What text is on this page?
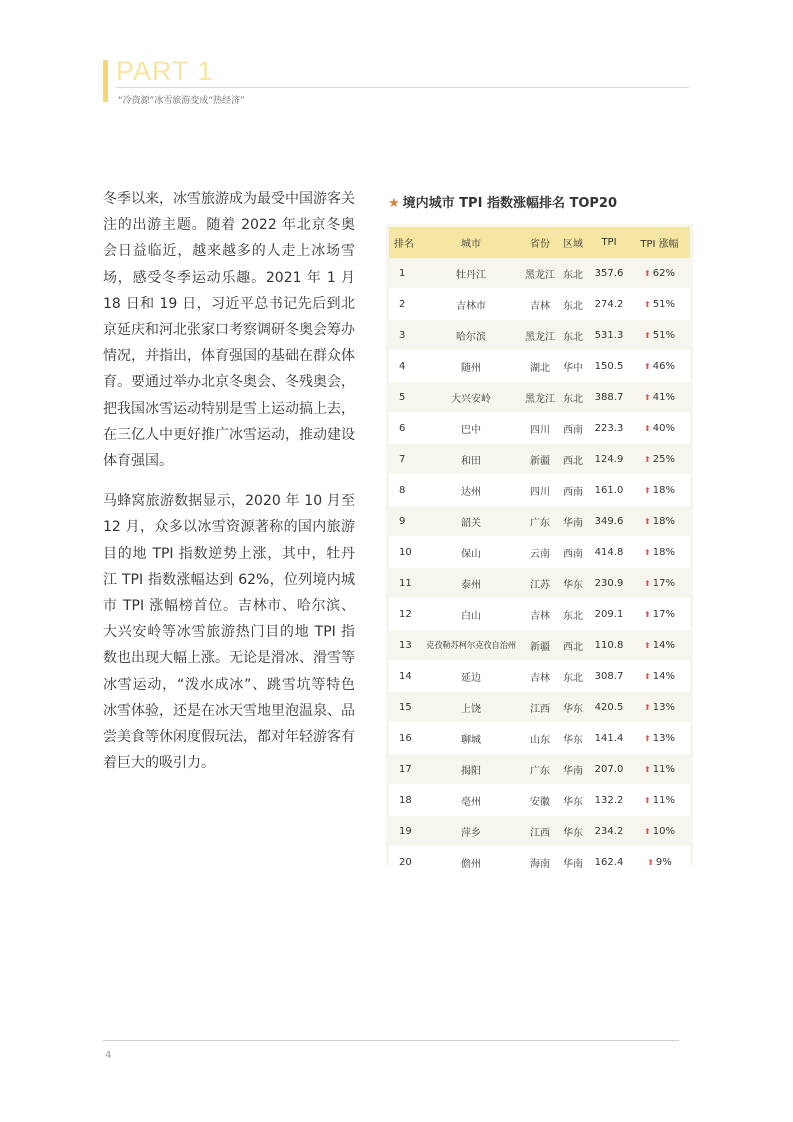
PART 1
“冷资源”冰雪旅游变成“热经济”

冬季以来，冰雪旅游成为最受中国游客关注的出游主题。随着 2022 年北京冬奥会日益临近，越来越多的人走上冰场雪场，感受冬季运动乐趣。2021 年 1 月 18 日和 19 日，习近平总书记先后到北京延庆和河北张家口考察调研冬奥会筹办情况，并指出，体育强国的基础在群众体育。要通过举办北京冬奥会、冬残奥会，把我国冰雪运动特别是雪上运动搞上去，在三亿人中更好推广冰雪运动，推动建设体育强国。

马蜂窝旅游数据显示，2020 年 10 月至 12 月，众多以冰雪资源著称的国内旅游目的地 TPI 指数逆势上涨，其中，牡丹江 TPI 指数涨幅达到 62%，位列境内城市 TPI 涨幅榜首位。吉林市、哈尔滨、大兴安岭等冰雪旅游热门目的地 TPI 指数也出现大幅上涨。无论是滑冰、滑雪等冰雪运动，“泼水成冰”、跳雪坑等特色冰雪体验，还是在冰天雪地里泡温泉、品尝美食等休闲度假玩法，都对年轻游客有着巨大的吸引力。

★ 境内城市 TPI 指数涨幅排名 TOP20
排名	城市	省份	区域	TPI	TPI 涨幅
1	牡丹江	黑龙江	东北	357.6	⬆ 62%
2	吉林市	吉林	东北	274.2	⬆ 51%
3	哈尔滨	黑龙江	东北	531.3	⬆ 51%
4	随州	湖北	华中	150.5	⬆ 46%
5	大兴安岭	黑龙江	东北	388.7	⬆ 41%
6	巴中	四川	西南	223.3	⬆ 40%
7	和田	新疆	西北	124.9	⬆ 25%
8	达州	四川	西南	161.0	⬆ 18%
9	韶关	广东	华南	349.6	⬆ 18%
10	保山	云南	西南	414.8	⬆ 18%
11	泰州	江苏	华东	230.9	⬆ 17%
12	白山	吉林	东北	209.1	⬆ 17%
13	克孜勒苏柯尔克孜自治州	新疆	西北	110.8	⬆ 14%
14	延边	吉林	东北	308.7	⬆ 14%
15	上饶	江西	华东	420.5	⬆ 13%
16	聊城	山东	华东	141.4	⬆ 13%
17	揭阳	广东	华南	207.0	⬆ 11%
18	亳州	安徽	华东	132.2	⬆ 11%
19	萍乡	江西	华东	234.2	⬆ 10%
20	儋州	海南	华南	162.4	⬆ 9%
4
